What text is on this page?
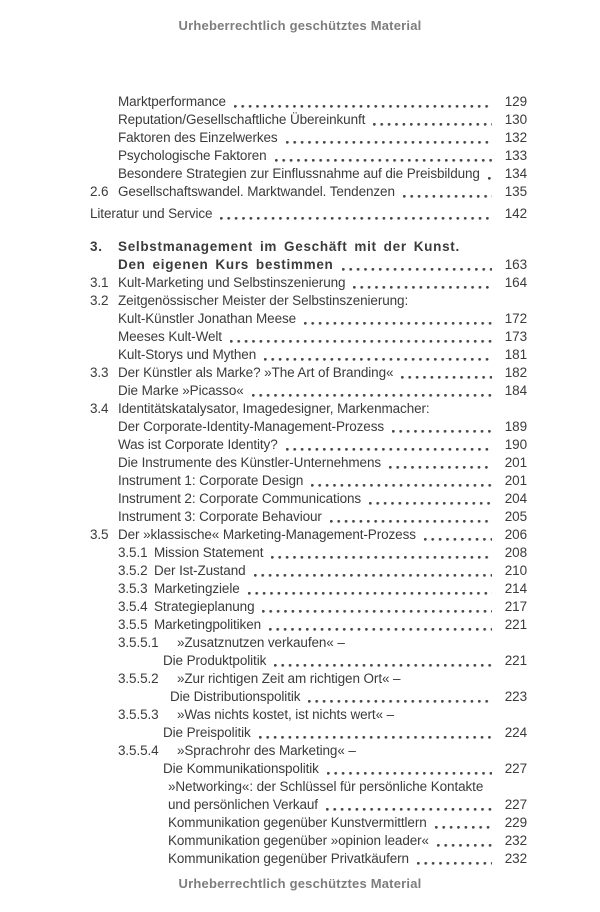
Urheberrechtlich geschütztes Material
Marktperformance	129
Reputation/Gesellschaftliche Übereinkunft	130
Faktoren des Einzelwerkes	132
Psychologische Faktoren	133
Besondere Strategien zur Einflussnahme auf die Preisbildung 134
2.6 Gesellschaftswandel. Marktwandel. Tendenzen	135
Literatur und Service	142
3.	Selbstmanagement im Geschäft mit der Kunst.
Den eigenen Kurs bestimmen	163
3.1 Kult-Marketing und Selbstinszenierung	164
3.2 Zeitgenössischer Meister der Selbstinszenierung:
Kult-Künstler Jonathan Meese	172
Meeses Kult-Welt	173
Kult-Storys und Mythen	181
3.3 Der Künstler als Marke? »The Art of Branding«	182
Die Marke »Picasso«	184
3.4 Identitätskatalysator, Imagedesigner, Markenmacher:
Der Corporate-Identity-Management-Prozess	189
Was ist Corporate Identity?	190
Die Instrumente des Künstler-Unternehmens	201
Instrument 1: Corporate Design	201
Instrument 2: Corporate Communications	204
Instrument 3: Corporate Behaviour	205
3.5 Der »klassische« Marketing-Management-Prozess	206
3.5.1 Mission Statement	208
3.5.2 Der Ist-Zustand	210
3.5.3 Marketingziele	214
3.5.4 Strategieplanung	217
3.5.5 Marketingpolitiken	221
3.5.5.1	»Zusatznutzen verkaufen« –
Die Produktpolitik	221
3.5.5.2	»Zur richtigen Zeit am richtigen Ort« –
Die Distributionspolitik	223
3.5.5.3	»Was nichts kostet, ist nichts wert« –
Die Preispolitik	224
3.5.5.4	»Sprachrohr des Marketing« –
Die Kommunikationspolitik	227
»Networking«: der Schlüssel für persönliche Kontakte
und persönlichen Verkauf	227
Kommunikation gegenüber Kunstvermittlern	229
Kommunikation gegenüber »opinion leader«	232
Kommunikation gegenüber Privatkäufern	232
Urheberrechtlich geschütztes Material
